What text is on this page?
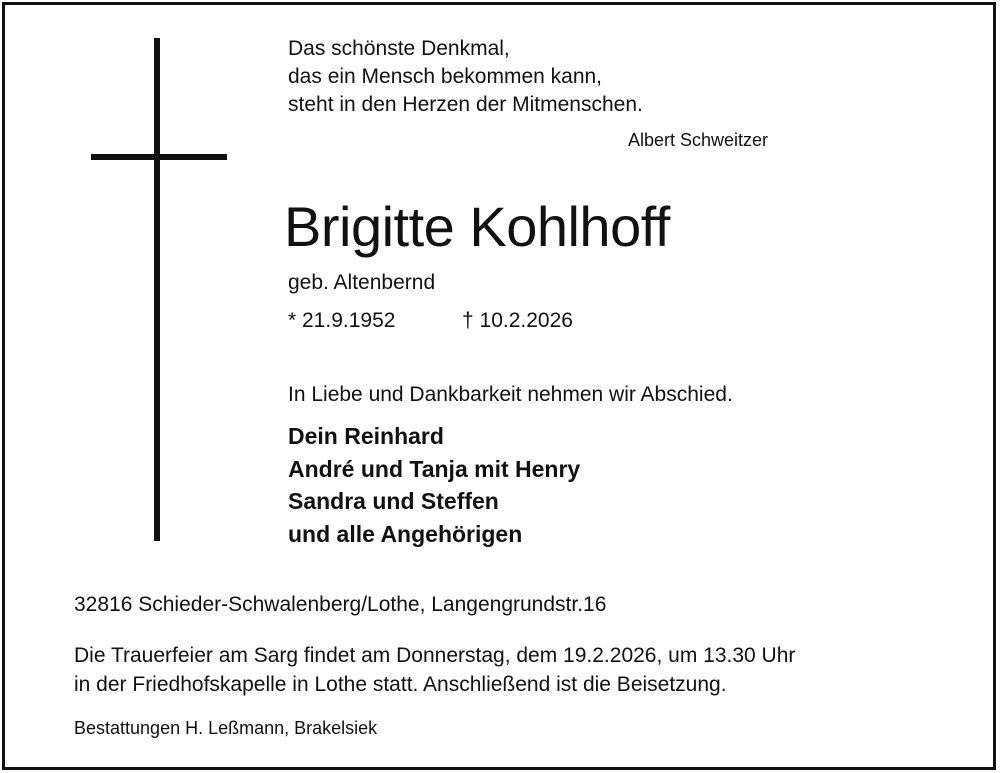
Das schönste Denkmal,
das ein Mensch bekommen kann,
steht in den Herzen der Mitmenschen.
Albert Schweitzer
Brigitte Kohlhoff
geb. Altenbernd
* 21.9.1952	† 10.2.2026
In Liebe und Dankbarkeit nehmen wir Abschied.
Dein Reinhard
André und Tanja mit Henry
Sandra und Steffen
und alle Angehörigen
32816 Schieder-Schwalenberg/Lothe, Langengrundstr.16
Die Trauerfeier am Sarg findet am Donnerstag, dem 19.2.2026, um 13.30 Uhr
in der Friedhofskapelle in Lothe statt. Anschließend ist die Beisetzung.
Bestattungen H. Leßmann, Brakelsiek
